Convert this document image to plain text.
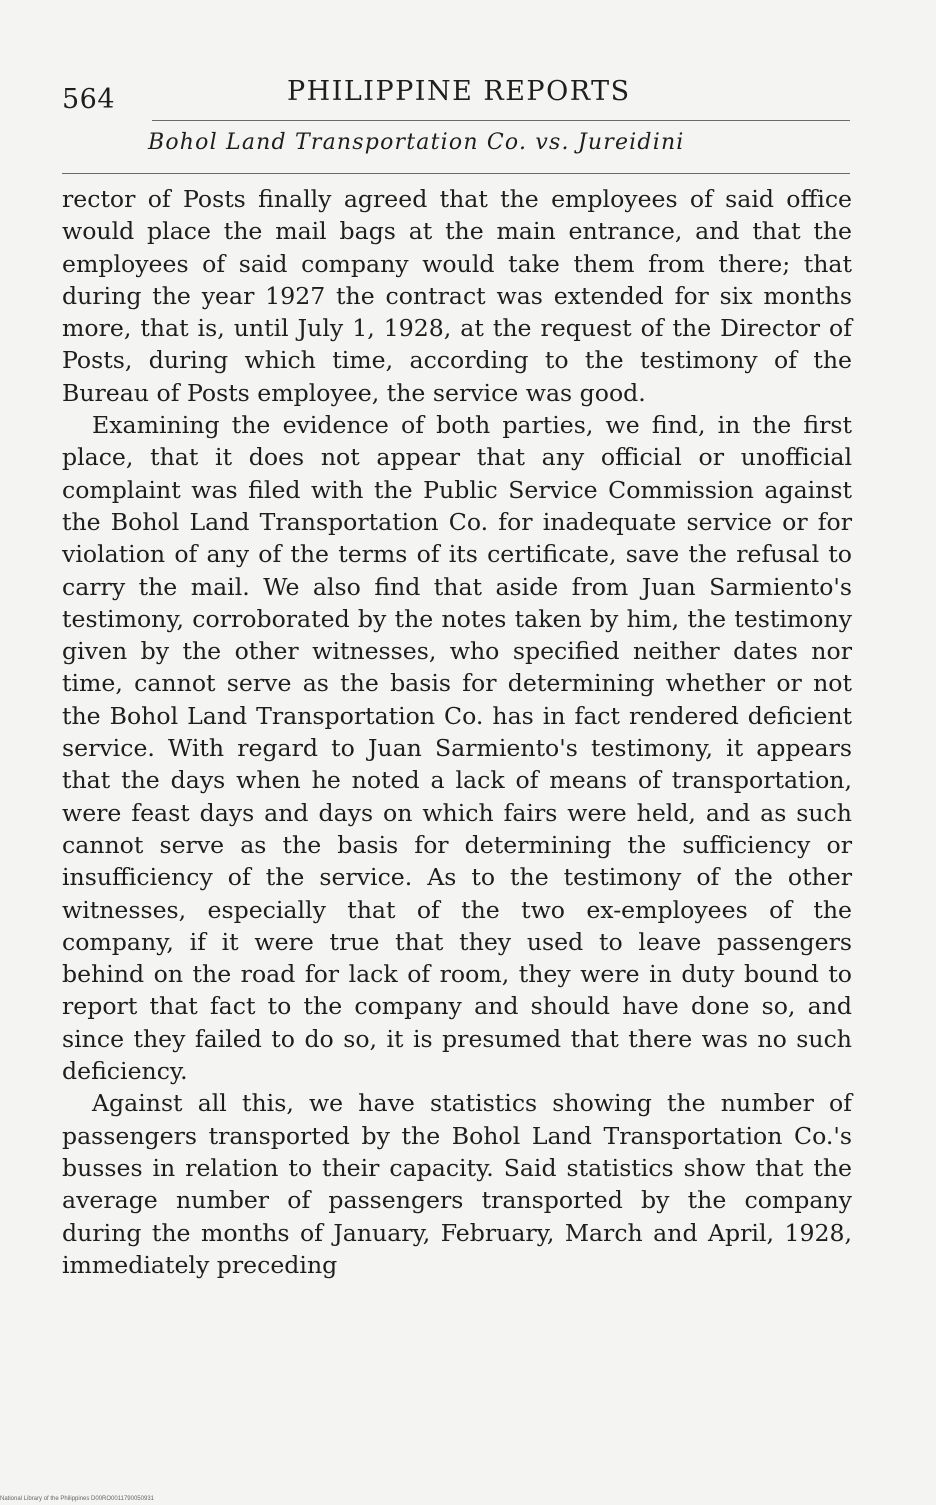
564	PHILIPPINE REPORTS
Bohol Land Transportation Co. vs. Jureidini

rector of Posts finally agreed that the employees of said office would place the mail bags at the main entrance, and that the employees of said company would take them from there; that during the year 1927 the contract was extended for six months more, that is, until July 1, 1928, at the request of the Director of Posts, during which time, according to the testimony of the Bureau of Posts employee, the service was good.

Examining the evidence of both parties, we find, in the first place, that it does not appear that any official or unofficial complaint was filed with the Public Service Commission against the Bohol Land Transportation Co. for inadequate service or for violation of any of the terms of its certificate, save the refusal to carry the mail. We also find that aside from Juan Sarmiento's testimony, corroborated by the notes taken by him, the testimony given by the other witnesses, who specified neither dates nor time, cannot serve as the basis for determining whether or not the Bohol Land Transportation Co. has in fact rendered deficient service. With regard to Juan Sarmiento's testimony, it appears that the days when he noted a lack of means of transportation, were feast days and days on which fairs were held, and as such cannot serve as the basis for determining the sufficiency or insufficiency of the service. As to the testimony of the other witnesses, especially that of the two ex-employees of the company, if it were true that they used to leave passengers behind on the road for lack of room, they were in duty bound to report that fact to the company and should have done so, and since they failed to do so, it is presumed that there was no such deficiency.

Against all this, we have statistics showing the number of passengers transported by the Bohol Land Transportation Co.'s busses in relation to their capacity. Said statistics show that the average number of passengers transported by the company during the months of January, February, March and April, 1928, immediately preceding

National Library of the Philippines D00RO0011790050931
